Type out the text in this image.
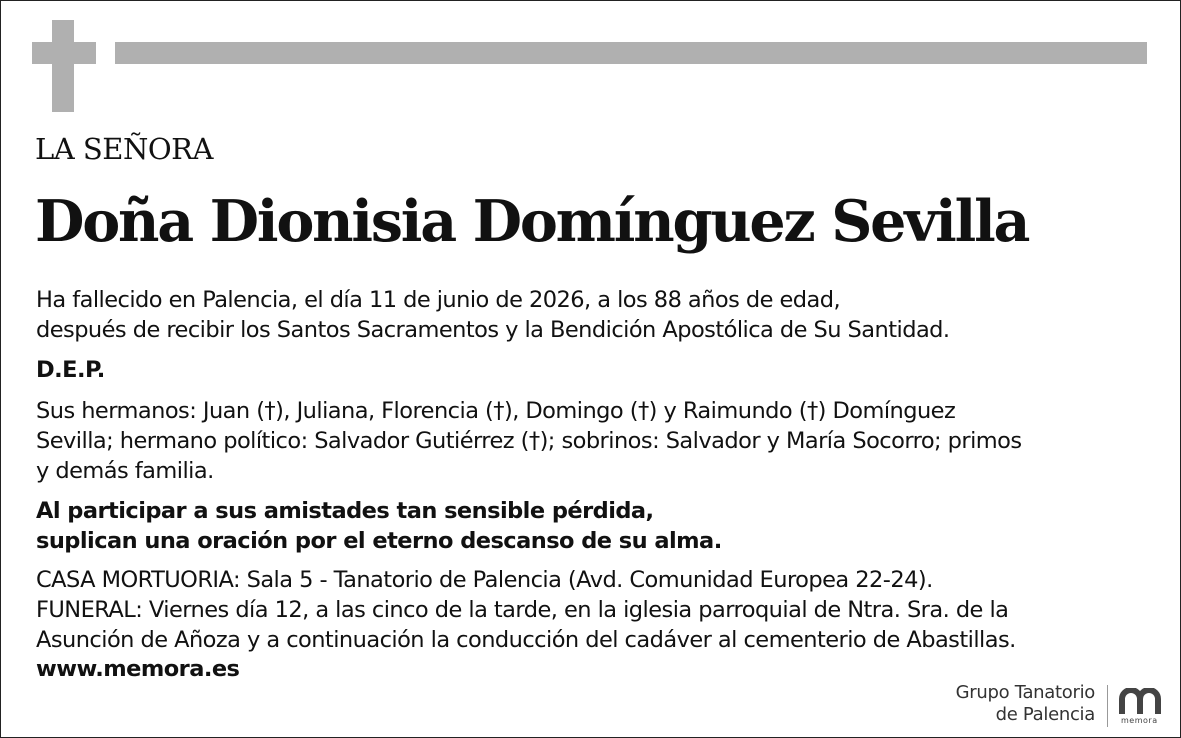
LA SEÑORA
Doña Dionisia Domínguez Sevilla
Ha fallecido en Palencia, el día 11 de junio de 2026, a los 88 años de edad,
después de recibir los Santos Sacramentos y la Bendición Apostólica de Su Santidad.
D.E.P.
Sus hermanos: Juan (†), Juliana, Florencia (†), Domingo (†) y Raimundo (†) Domínguez
Sevilla; hermano político: Salvador Gutiérrez (†); sobrinos: Salvador y María Socorro; primos
y demás familia.
Al participar a sus amistades tan sensible pérdida,
suplican una oración por el eterno descanso de su alma.
CASA MORTUORIA: Sala 5 - Tanatorio de Palencia (Avd. Comunidad Europea 22-24).
FUNERAL: Viernes día 12, a las cinco de la tarde, en la iglesia parroquial de Ntra. Sra. de la
Asunción de Añoza y a continuación la conducción del cadáver al cementerio de Abastillas.
www.memora.es
Grupo Tanatorio
de Palencia	memora
